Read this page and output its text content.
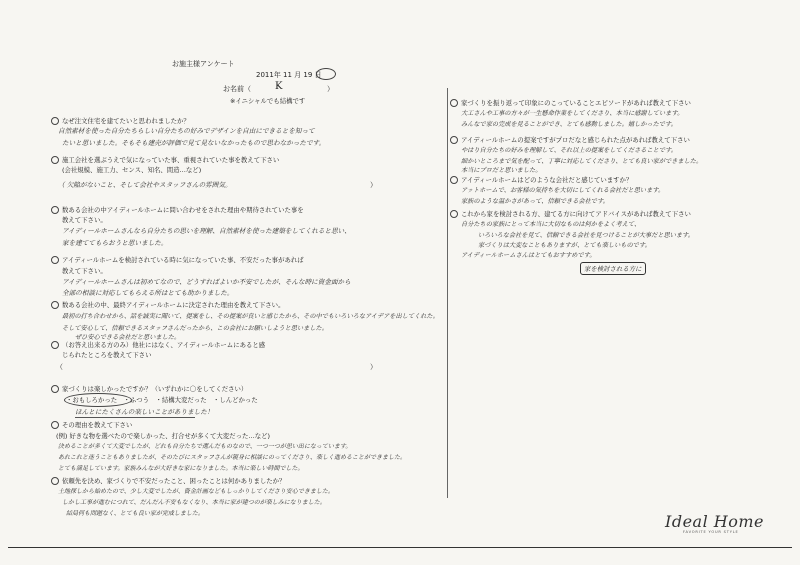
お施主様アンケート
2011年 11 月 19 日
お名前（ K	）
※イニシャルでも結構です
なぜ注文住宅を建てたいと思われましたか？
自然素材を使った自分たちらしい自分たちの好みでデザインを自由にできるとを知って
たいと思いました。そもそも建売が評価で見て見ないなかったもので思わなかったです。
施工会社を選ぶうえで気になっていた事、重視されていた事を教えて下さい
(会社規模、施工力、センス、知名、間造…など)
（ 欠陥がないこと、そして会社やスタッフさんの雰囲気。	）
数ある会社の中アイディールホームに問い合わせをされた理由や期待されていた事を
教えて下さい。
アイディールホームさんなら自分たちの思いを理解、自然素材を使った建築をしてくれると思い、
家を建ててもらおうと思いました。
アイディールホームを検討されている時に気になっていた事、不安だった事があれば
教えて下さい。
アイディールホームさんは初めてなので、どうすればよいか不安でしたが、そんな時に資金面から
全部の相談に対応してもらえる所はとても助かりました。
数ある会社の中、最終アイディールホームに決定された理由を教えて下さい。
最初の打ち合わせから、話を誠実に聞いて、提案をし、その提案が良いと感じたから、その中でもいろいろなアイデアを出してくれた。
そして安心して、信頼できるスタッフさんだったから、この会社にお願いしようと思いました。
ぜひ安心できる会社だと思いました。
（お答え出来る方のみ）他社にはなく、アイディールホームにあると感
じられたところを教えて下さい
（	）
家づくりは楽しかったですか？（いずれかに〇をしてください）
・おもしろかった　・ふつう　・結構大変だった　・しんどかった
ほんとにたくさんの楽しいことがありました！
その理由を教えて下さい
(例) 好きな物を選べたので楽しかった、打合せが多くて大変だった…など)
決めることが多くて大変でしたが、どれも自分たちで選んだものなので、一つ一つが思い出になっています。
あれこれと迷うこともありましたが、そのたびにスタッフさんが親身に相談にのってくださり、楽しく進めることができました。
とても満足しています。家族みんなが大好きな家になりました。本当に楽しい時間でした。
依頼先を決め、家づくりで不安だったこと、困ったことは何かありましたか？
土地探しから始めたので、少し大変でしたが、資金計画などもしっかりしてくださり安心できました。
しかし工事が進むにつれて、だんだん不安もなくなり、本当に家が建つのが楽しみになりました。
結局何も問題なく、とても良い家が完成しました。
家づくりを振り返って印象にのこっていることエピソードがあれば教えて下さい
大工さんや工事の方々が一生懸命作業をしてくださり、本当に感謝しています。
みんなで家の完成を見ることができ、とても感動しました。嬉しかったです。
アイディールホームの提案ですがプロだなと感じられた点があれば教えて下さい
やはり自分たちの好みを理解して、それ以上の提案をしてくださることです。
細かいところまで気を配って、丁寧に対応してくださり、とても良い家ができました。
本当にプロだと思いました。
アイディールホームはどのような会社だと感じていますか？
アットホームで、お客様の気持ちを大切にしてくれる会社だと思います。
家族のような温かさがあって、信頼できる会社です。
これから家を検討される方、建てる方に向けてアドバイスがあれば教えて下さい
自分たちの家族にとって本当に大切なものは何かをよく考えて、
いろいろな会社を見て、信頼できる会社を見つけることが大事だと思います。
家づくりは大変なこともありますが、とても楽しいものです。
アイディールホームさんはとてもおすすめです。
家を検討される方に
Ideal Home
FAVORITE YOUR STYLE
